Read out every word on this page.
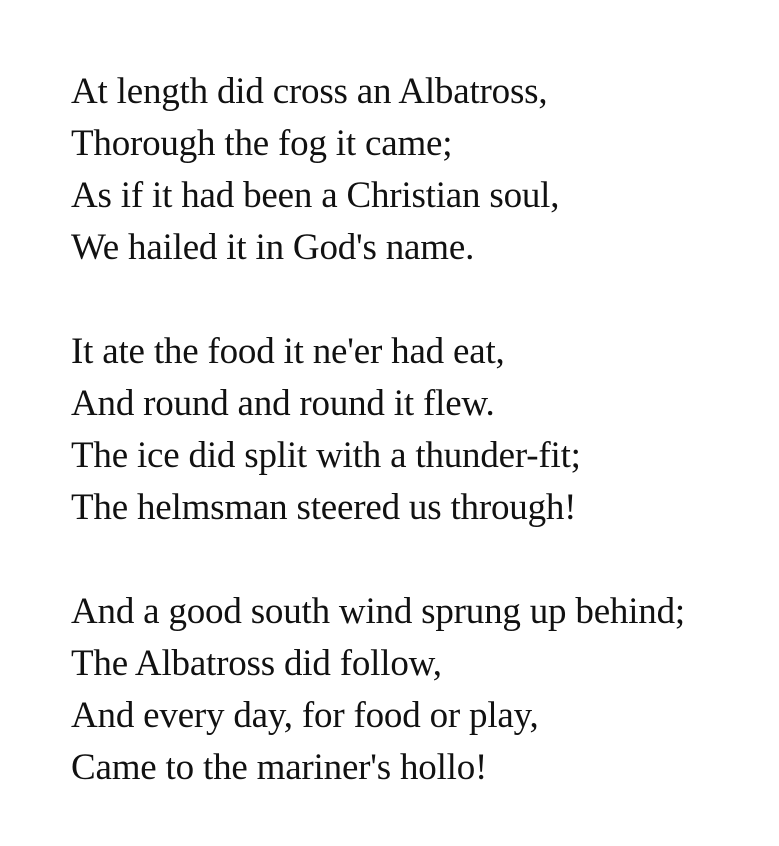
At length did cross an Albatross,
Thorough the fog it came;
As if it had been a Christian soul,
We hailed it in God's name.
It ate the food it ne'er had eat,
And round and round it flew.
The ice did split with a thunder-fit;
The helmsman steered us through!
And a good south wind sprung up behind;
The Albatross did follow,
And every day, for food or play,
Came to the mariner's hollo!
